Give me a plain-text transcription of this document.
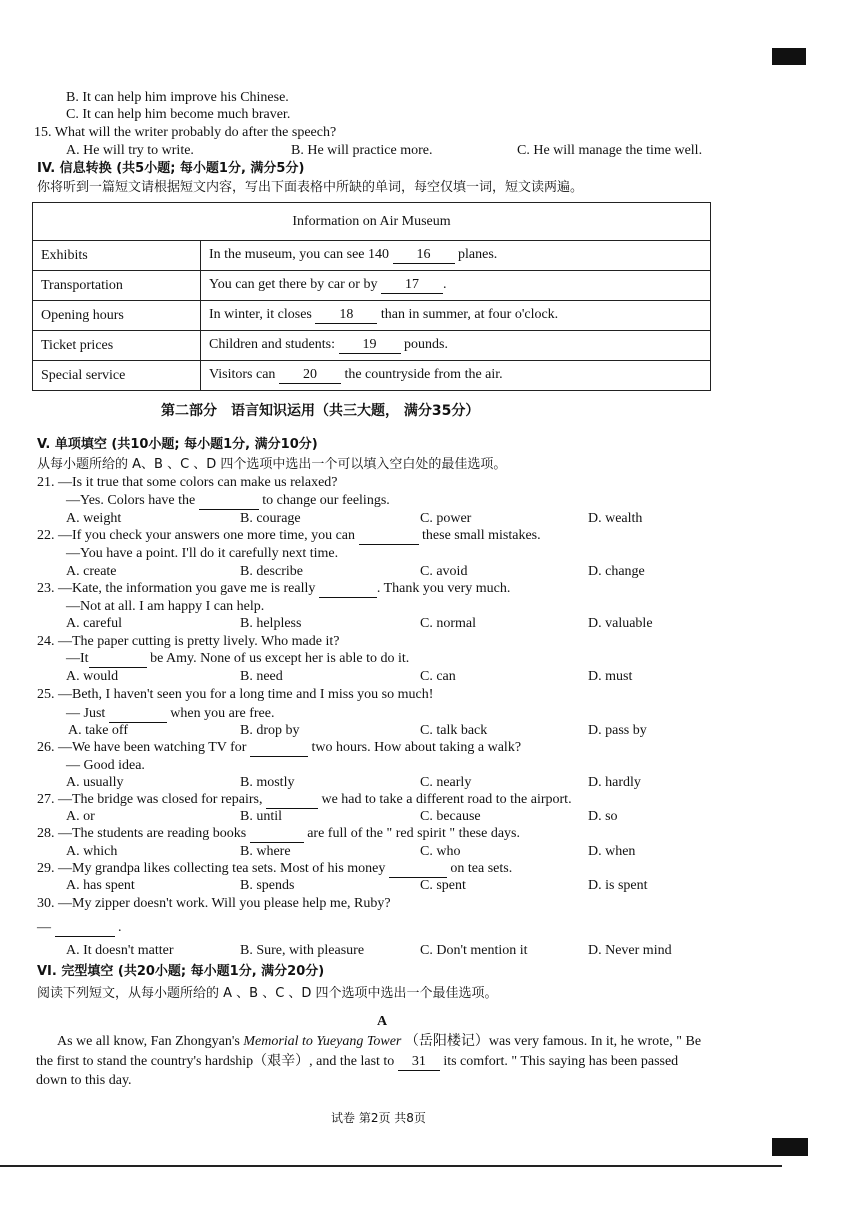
B. It can help him improve his Chinese.
C. It can help him become much braver.
15. What will the writer probably do after the speech?
A. He will try to write.	B. He will practice more.	C. He will manage the time well.
IV. 信息转换 (共5小题; 每小题1分, 满分5分)
你将听到一篇短文请根据短文内容，写出下面表格中所缺的单词，每空仅填一词，短文读两遍。
Information on Air Museum	
Exhibits	In the museum, you can see 140 16 planes.
Transportation	You can get there by car or by 17 .
Opening hours	In winter, it closes 18 than in summer, at four o'clock.
Ticket prices	Children and students: 19 pounds.
Special service	Visitors can 20 the countryside from the air.
第二部分　语言知识运用（共三大题， 满分35分）
V. 单项填空 (共10小题; 每小题1分, 满分10分)
从每小题所给的 A、B 、C 、D 四个选项中选出一个可以填入空白处的最佳选项。
21. —Is it true that some colors can make us relaxed?
—Yes. Colors have the	to change our feelings.
A. weight	B. courage	C. power	D. wealth
22. —If you check your answers one more time, you can	these small mistakes.
—You have a point. I'll do it carefully next time.
A. create	B. describe	C. avoid	D. change
23. —Kate, the information you gave me is really	. Thank you very much.
—Not at all. I am happy I can help.
A. careful	B. helpless	C. normal	D. valuable
24. —The paper cutting is pretty lively. Who made it?
—It	be Amy. None of us except her is able to do it.
A. would	B. need	C. can	D. must
25. —Beth, I haven't seen you for a long time and I miss you so much!
— Just	when you are free.
A. take off	B. drop by	C. talk back	D. pass by
26. —We have been watching TV for	two hours. How about taking a walk?
— Good idea.
A. usually	B. mostly	C. nearly	D. hardly
27. —The bridge was closed for repairs,	we had to take a different road to the airport.
A. or	B. until	C. because	D. so
28. —The students are reading books	are full of the " red spirit " these days.
A. which	B. where	C. who	D. when
29. —My grandpa likes collecting tea sets. Most of his money	on tea sets.
A. has spent	B. spends	C. spent	D. is spent
30. —My zipper doesn't work. Will you please help me, Ruby?
—	.
A. It doesn't matter	B. Sure, with pleasure	C. Don't mention it	D. Never mind
VI. 完型填空 (共20小题; 每小题1分, 满分20分)
阅读下列短文，从每小题所给的 A 、B 、C 、D 四个选项中选出一个最佳选项。
A
As we all know, Fan Zhongyan's Memorial to Yueyang Tower （岳阳楼记）was very famous. In it, he wrote, " Be
the first to stand the country's hardship（艰辛）, and the last to 31 its comfort. " This saying has been passed
down to this day.
试卷 第2页 共8页
